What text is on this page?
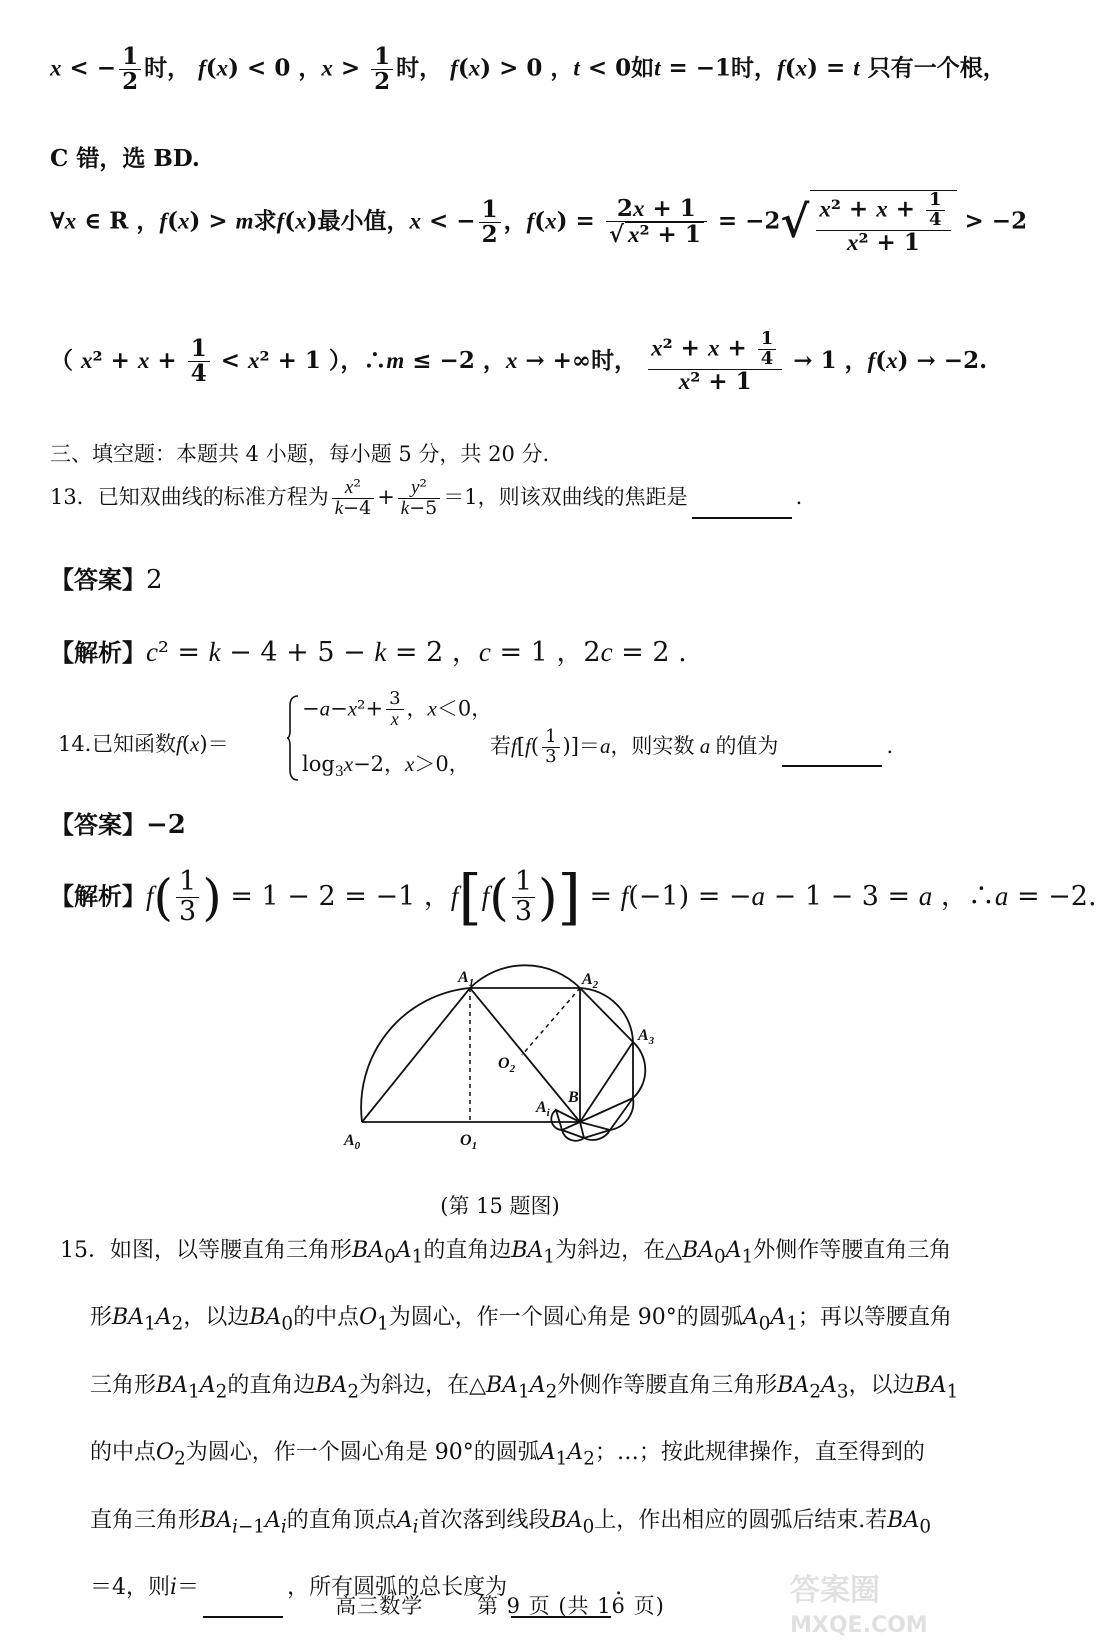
x < − $\frac{1}{2}$ 时， f(x) < 0 ，$x > \frac{1}{2}$ 时， f(x) > 0 ，t < 0如t = −1时，f(x) = t 只有一个根，
C 错，选 BD.
∀x ∈ R ，f(x) > m求f(x)最小值，x < − $\frac{1}{2}$ ，$f(x) = \frac{2x + 1}{\text{√ x² + 1}} = -2√ \frac{x^2 + x + \frac{1}{4}}{\text{x² + 1}} > -2$
（ $x^2 + x + \frac{1}{4} < x^2 + 1$ ），∴m ≤ −2 ，x → +∞时， $\frac{x^2 + x + \frac{1}{4}}{\text{x² + 1}} \to 1$ ，f(x) → −2.
三、填空题：本题共 4 小题，每小题 5 分，共 20 分.
13．已知双曲线的标准方程为 $\frac{\text{x²}}{k-4} + \frac{\text{y²}}{k-5} =1$，则该双曲线的焦距是	.
【答案】2
【解析】c² = k − 4 + 5 − k = 2 ，c = 1 ，2c = 2 .
14．
已知函数f(x)＝
$-a-x^2+ \frac{3}{x}$ ，x＜0，
$\log_3x-2$，x＞0，
若$f[f( \frac{1}{3} )]=a$，则实数 a 的值为	.
【答案】−2
【解析】$f( \frac{1}{3}$ ) = 1 − 2 = −1 ，$f[f( \frac{1}{3}$ )] = f(−1) = −a − 1 − 3 = a ，∴a = −2.
$A_1$	$A_2$
$A_3$
$A_0$	$O_1$
$O_2$
B
$A_i$
(第 15 题图)
15．如图，以等腰直角三角形$BA_0A_1$的直角边$BA_1$为斜边，在$\triangle BA_0A_1$外侧作等腰直角三角
形$BA_1A_2$，以边$BA_0$的中点$O_1$为圆心，作一个圆心角是 90°的圆弧$A_0A_1$；再以等腰直角
三角形$BA_1A_2$的直角边$BA_2$为斜边，在$\triangle BA_1A_2$外侧作等腰直角三角形$BA_2A_3$，以边$BA_1$
的中点$O_2$为圆心，作一个圆心角是 90°的圆弧$A_1A_2$；…；按此规律操作，直至得到的
直角三角形$BA_{i-1}A_i$的直角顶点$A_i$首次落到线段$BA_0$上，作出相应的圆弧后结束.若$BA_0$
＝4，则i＝	，所有圆弧的总长度为	.
高三数学	第 9 页 (共 16 页)	答案圈
MXQE.COM
